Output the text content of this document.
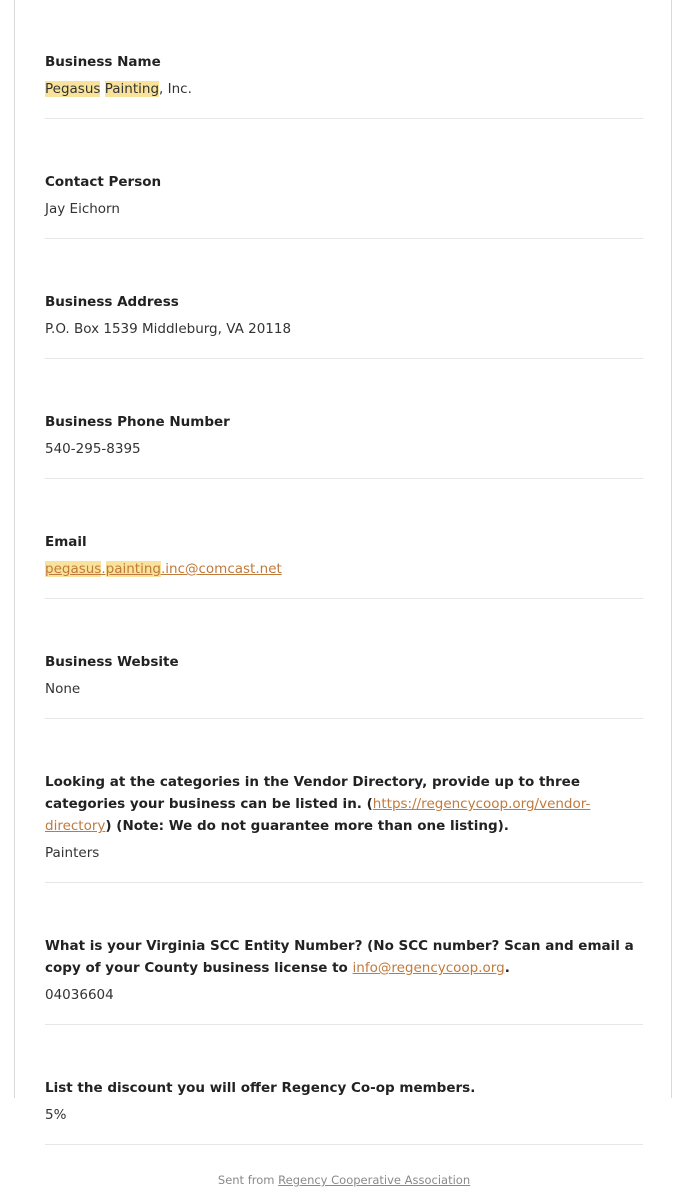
Business Name
Pegasus Painting, Inc.
Contact Person
Jay Eichorn
Business Address
P.O. Box 1539 Middleburg, VA 20118
Business Phone Number
540-295-8395
Email
pegasus.painting.inc@comcast.net
Business Website
None
Looking at the categories in the Vendor Directory, provide up to three categories your business can be listed in. (https://regencycoop.org/vendor-directory) (Note: We do not guarantee more than one listing).
Painters
What is your Virginia SCC Entity Number? (No SCC number? Scan and email a copy of your County business license to info@regencycoop.org.
04036604
List the discount you will offer Regency Co-op members.
5%
Sent from Regency Cooperative Association
